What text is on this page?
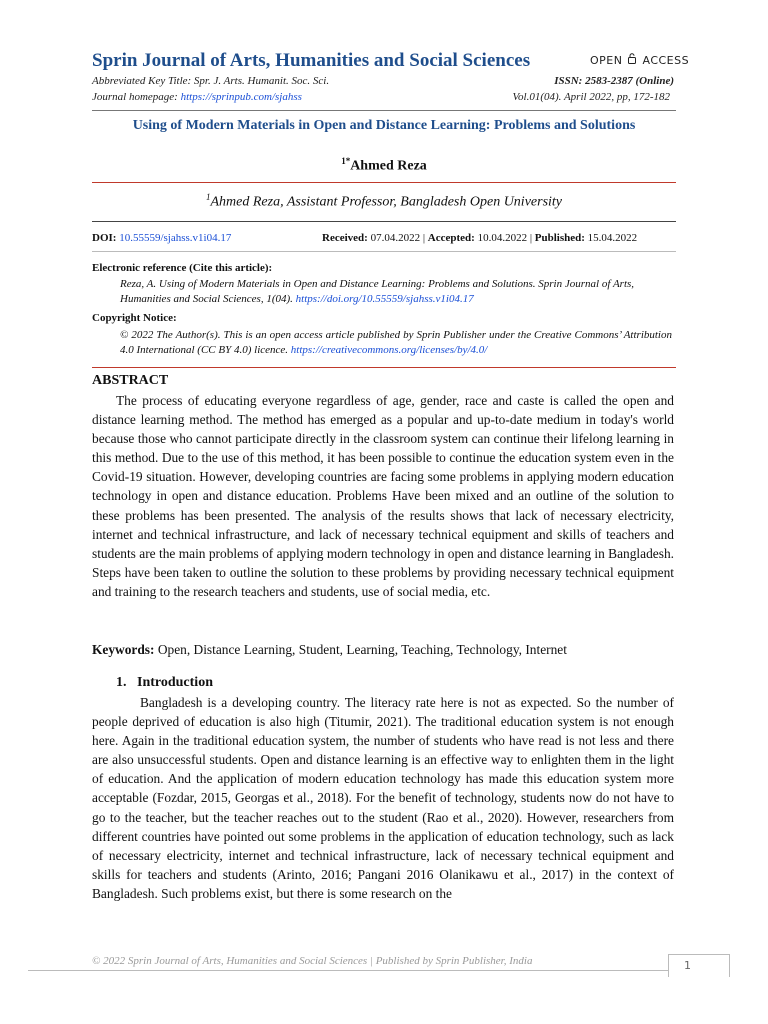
Sprin Journal of Arts, Humanities and Social Sciences	OPEN ACCESS
Abbreviated Key Title: Spr. J. Arts. Humanit. Soc. Sci.	ISSN: 2583-2387 (Online)
Journal homepage: https://sprinpub.com/sjahss	Vol.01(04). April 2022, pp, 172-182
Using of Modern Materials in Open and Distance Learning: Problems and Solutions
$^{1*}$Ahmed Reza
$^1$Ahmed Reza, Assistant Professor, Bangladesh Open University
DOI: 10.55559/sjahss.v1i04.17	Received: 07.04.2022 | Accepted: 10.04.2022 | Published: 15.04.2022
Electronic reference (Cite this article):
Reza, A. Using of Modern Materials in Open and Distance Learning: Problems and Solutions. Sprin Journal of Arts, Humanities and Social Sciences, 1(04). https://doi.org/10.55559/sjahss.v1i04.17
Copyright Notice:
© 2022 The Author(s). This is an open access article published by Sprin Publisher under the Creative Commons’ Attribution 4.0 International (CC BY 4.0) licence. https://creativecommons.org/licenses/by/4.0/
ABSTRACT
The process of educating everyone regardless of age, gender, race and caste is called the open and distance learning method. The method has emerged as a popular and up-to-date medium in today's world because those who cannot participate directly in the classroom system can continue their lifelong learning in this method. Due to the use of this method, it has been possible to continue the education system even in the Covid-19 situation. However, developing countries are facing some problems in applying modern education technology in open and distance education. Problems Have been mixed and an outline of the solution to these problems has been presented. The analysis of the results shows that lack of necessary electricity, internet and technical infrastructure, and lack of necessary technical equipment and skills of teachers and students are the main problems of applying modern technology in open and distance learning in Bangladesh. Steps have been taken to outline the solution to these problems by providing necessary technical equipment and training to the research teachers and students, use of social media, etc.
Keywords: Open, Distance Learning, Student, Learning, Teaching, Technology, Internet
1. Introduction
Bangladesh is a developing country. The literacy rate here is not as expected. So the number of people deprived of education is also high (Titumir, 2021). The traditional education system is not enough here. Again in the traditional education system, the number of students who have read is not less and there are also unsuccessful students. Open and distance learning is an effective way to enlighten them in the light of education. And the application of modern education technology has made this education system more acceptable (Fozdar, 2015, Georgas et al., 2018). For the benefit of technology, students now do not have to go to the teacher, but the teacher reaches out to the student (Rao et al., 2020). However, researchers from different countries have pointed out some problems in the application of education technology, such as lack of necessary electricity, internet and technical infrastructure, lack of necessary technical equipment and skills for teachers and students (Arinto, 2016; Pangani 2016 Olanikawu et al., 2017) in the context of Bangladesh. Such problems exist, but there is some research on the
© 2022 Sprin Journal of Arts, Humanities and Social Sciences | Published by Sprin Publisher, India	1
